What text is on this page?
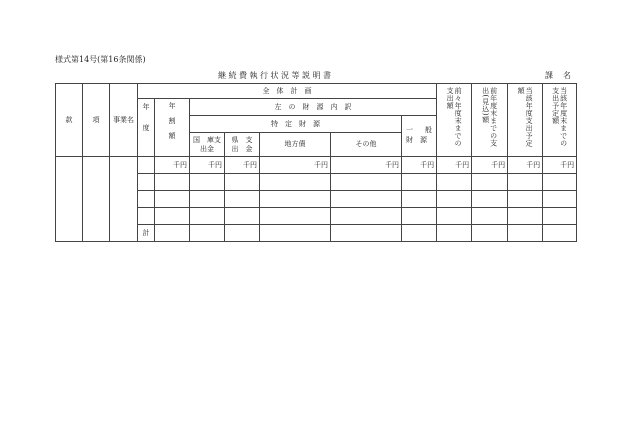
様式第14号(第16条関係)
継続費執行状況等説明書	課名
款	項	事業名	全　体　計　画							前々年度末までの支出額	前年度末までの支出(見込)額	当該年度支出予定額	当該年度末までの支出予定額

			年度	年割額	左　の　財　源　内　訳									
					特　定　財　源				一　般財　源					

					国　庫支出金	県　支出　金	地方債	その他						
				千円	千円	千円	千円	千円	千円	千円	千円	千円	千円		

			計												
